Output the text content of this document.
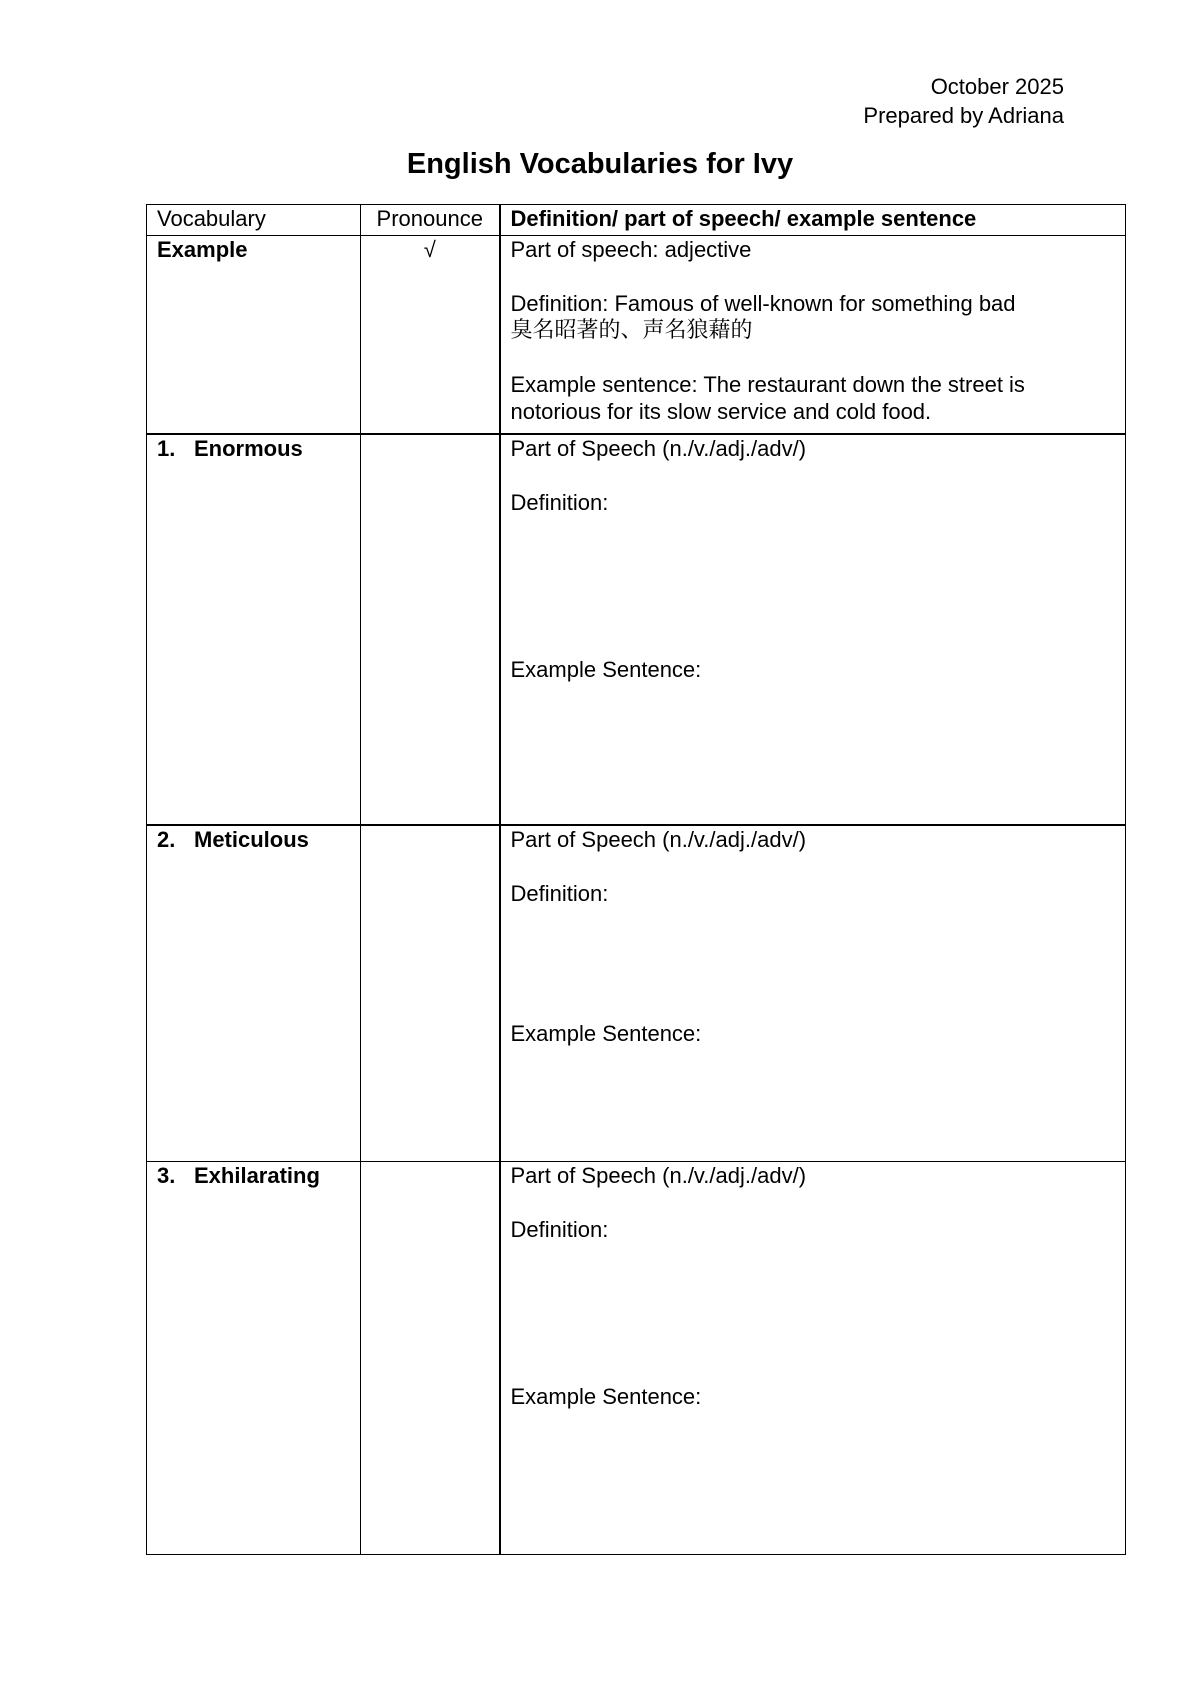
October 2025
Prepared by Adriana
English Vocabularies for Ivy
Vocabulary	Pronounce	Definition/ part of speech/ example sentence
Example	√	Part of speech: adjective
Definition: Famous of well-known for something bad
臭名昭著的、声名狼藉的
Example sentence: The restaurant down the street is notorious for its slow service and cold food.

1. Enormous		Part of Speech (n./v./adj./adv/)
Definition:
Example Sentence:

2. Meticulous		Part of Speech (n./v./adj./adv/)
Definition:
Example Sentence:

3. Exhilarating		Part of Speech (n./v./adj./adv/)
Definition:
Example Sentence:
